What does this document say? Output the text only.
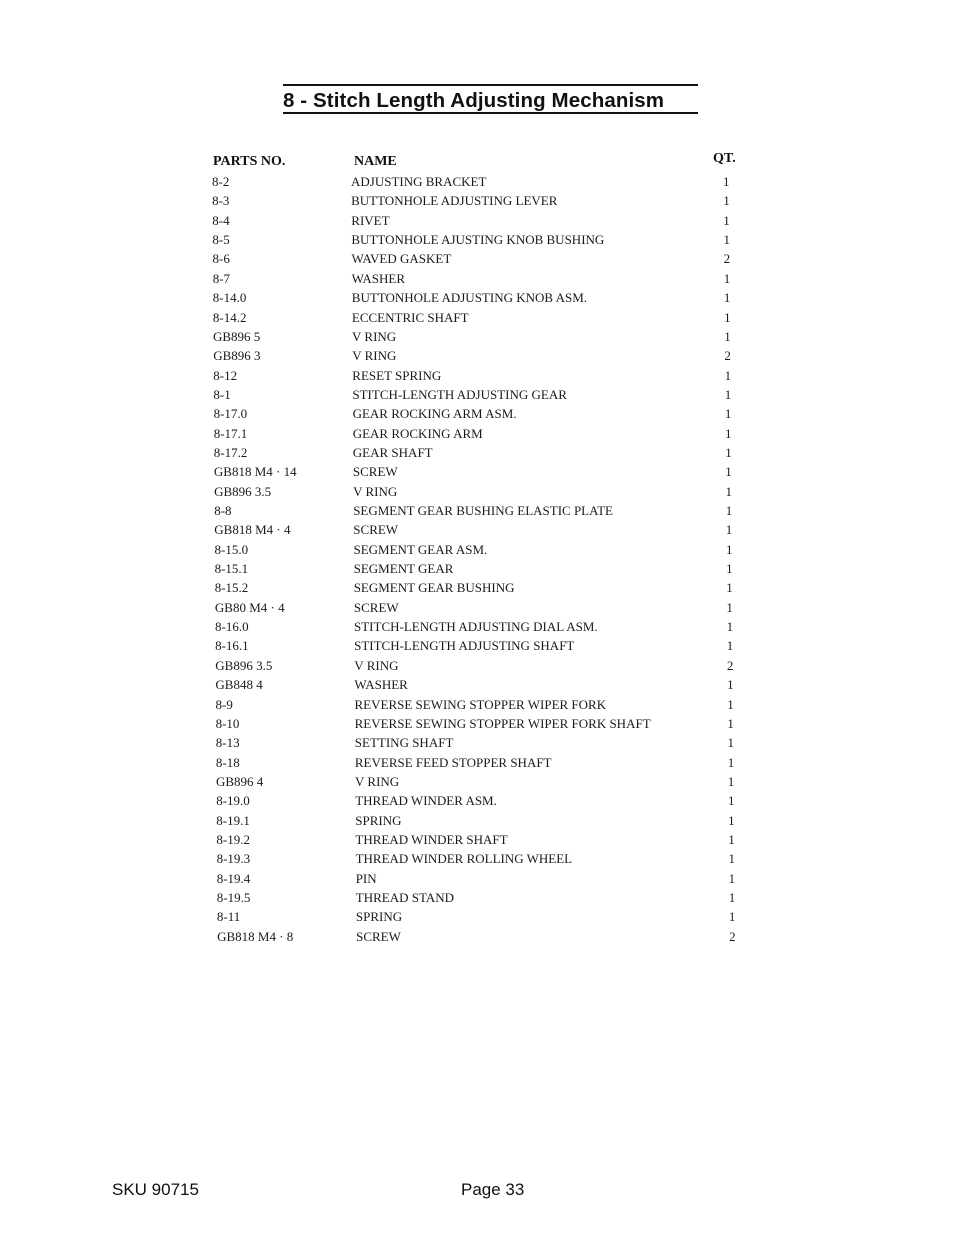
8 - Stitch Length Adjusting Mechanism
PARTS NO.	NAME	QT.
8-2	ADJUSTING BRACKET	1
8-3	BUTTONHOLE ADJUSTING LEVER	1
8-4	RIVET	1
8-5	BUTTONHOLE AJUSTING KNOB BUSHING	1
8-6	WAVED GASKET	2
8-7	WASHER	1
8-14.0	BUTTONHOLE ADJUSTING KNOB ASM.	1
8-14.2	ECCENTRIC SHAFT	1
GB896 5	V RING	1
GB896 3	V RING	2
8-12	RESET SPRING	1
8-1	STITCH-LENGTH ADJUSTING GEAR	1
8-17.0	GEAR ROCKING ARM ASM.	1
8-17.1	GEAR ROCKING ARM	1
8-17.2	GEAR SHAFT	1
GB818 M4 · 14	SCREW	1
GB896 3.5	V RING	1
8-8	SEGMENT GEAR BUSHING ELASTIC PLATE	1
GB818 M4 · 4	SCREW	1
8-15.0	SEGMENT GEAR ASM.	1
8-15.1	SEGMENT GEAR	1
8-15.2	SEGMENT GEAR BUSHING	1
GB80 M4 · 4	SCREW	1
8-16.0	STITCH-LENGTH ADJUSTING DIAL ASM.	1
8-16.1	STITCH-LENGTH ADJUSTING SHAFT	1
GB896 3.5	V RING	2
GB848 4	WASHER	1
8-9	REVERSE SEWING STOPPER WIPER FORK	1
8-10	REVERSE SEWING STOPPER WIPER FORK SHAFT	1
8-13	SETTING SHAFT	1
8-18	REVERSE FEED STOPPER SHAFT	1
GB896 4	V RING	1
8-19.0	THREAD WINDER ASM.	1
8-19.1	SPRING	1
8-19.2	THREAD WINDER SHAFT	1
8-19.3	THREAD WINDER ROLLING WHEEL	1
8-19.4	PIN	1
8-19.5	THREAD STAND	1
8-11	SPRING	1
GB818 M4 · 8	SCREW	2
SKU 90715	Page 33
